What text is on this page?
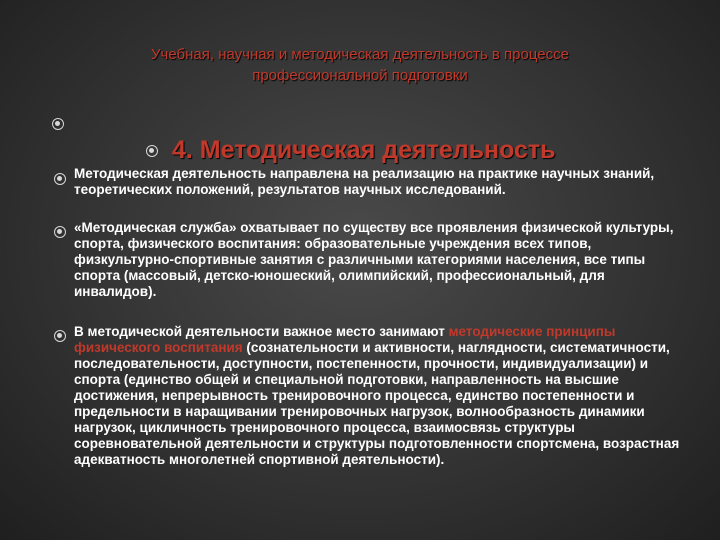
Учебная, научная и методическая деятельность в процессе
профессиональной подготовки
4. Методическая деятельность
Методическая деятельность направлена на реализацию на практике научных знаний, теоретических положений, результатов научных исследований.
«Методическая служба» охватывает по существу все проявления физической культуры, спорта, физического воспитания: образовательные учреждения всех типов, физкультурно-спортивные занятия с различными категориями населения, все типы спорта (массовый, детско-юношеский, олимпийский, профессиональный, для инвалидов).
В методической деятельности важное место занимают методические принципы физического воспитания (сознательности и активности, наглядности, систематичности, последовательности, доступности, постепенности, прочности, индивидуализации) и спорта (единство общей и специальной подготовки, направленность на высшие достижения, непрерывность тренировочного процесса, единство постепенности и предельности в наращивании тренировочных нагрузок, волнообразность динамики нагрузок, цикличность тренировочного процесса, взаимосвязь структуры соревновательной деятельности и структуры подготовленности спортсмена, возрастная адекватность многолетней спортивной деятельности).
